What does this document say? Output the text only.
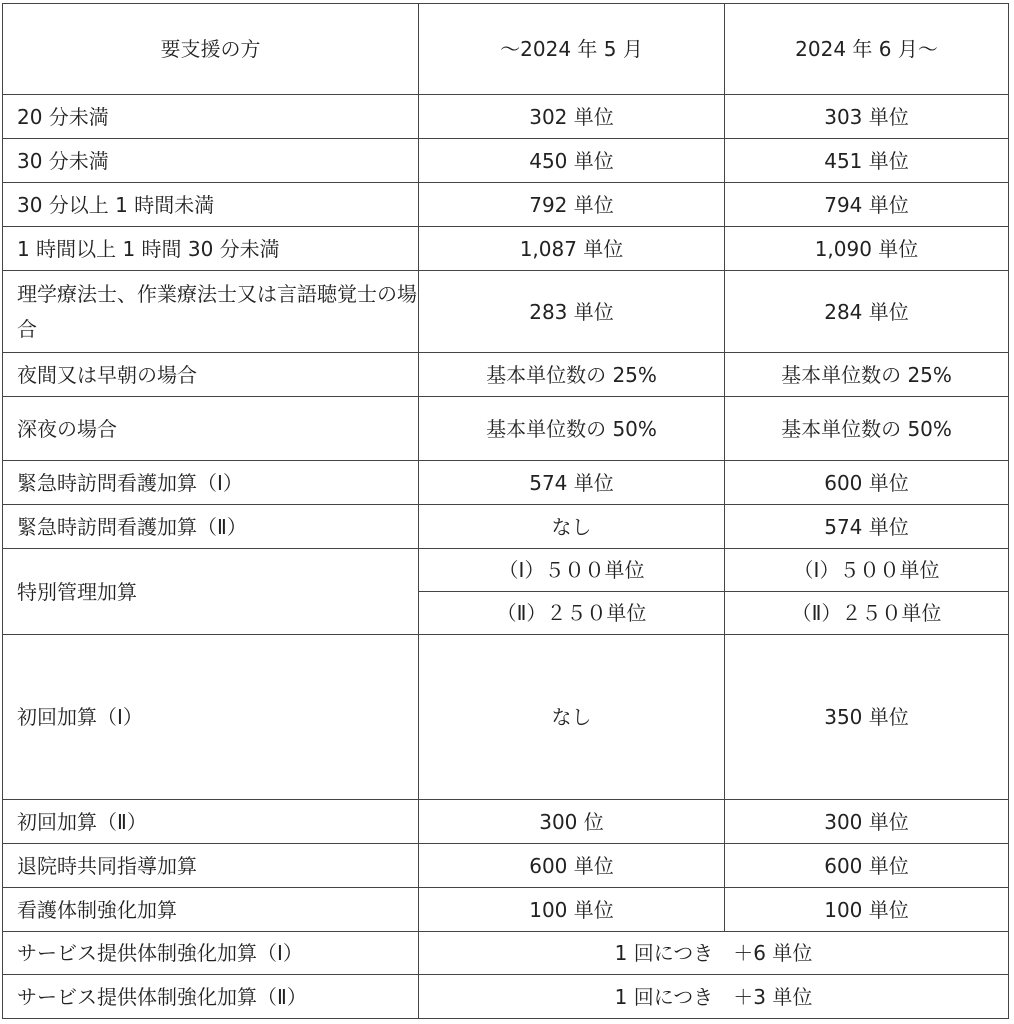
要支援の方	～2024 年 5 月	2024 年 6 月～
20 分未満	302 単位	303 単位
30 分未満	450 単位	451 単位
30 分以上 1 時間未満	792 単位	794 単位
1 時間以上 1 時間 30 分未満	1,087 単位	1,090 単位
理学療法士、作業療法士又は言語聴覚士の場合	283 単位	284 単位
夜間又は早朝の場合	基本単位数の 25%	基本単位数の 25%
深夜の場合	基本単位数の 50%	基本単位数の 50%
緊急時訪問看護加算（Ⅰ）	574 単位	600 単位
緊急時訪問看護加算（Ⅱ）	なし	574 単位
特別管理加算	（Ⅰ）５００単位	（Ⅰ）５００単位
	（Ⅱ）２５０単位	（Ⅱ）２５０単位
初回加算（Ⅰ）	なし	350 単位
初回加算（Ⅱ）	300 位	300 単位
退院時共同指導加算	600 単位	600 単位
看護体制強化加算	100 単位	100 単位
サービス提供体制強化加算（Ⅰ）	1 回につき　＋6 単位	
サービス提供体制強化加算（Ⅱ）	1 回につき　＋3 単位	
